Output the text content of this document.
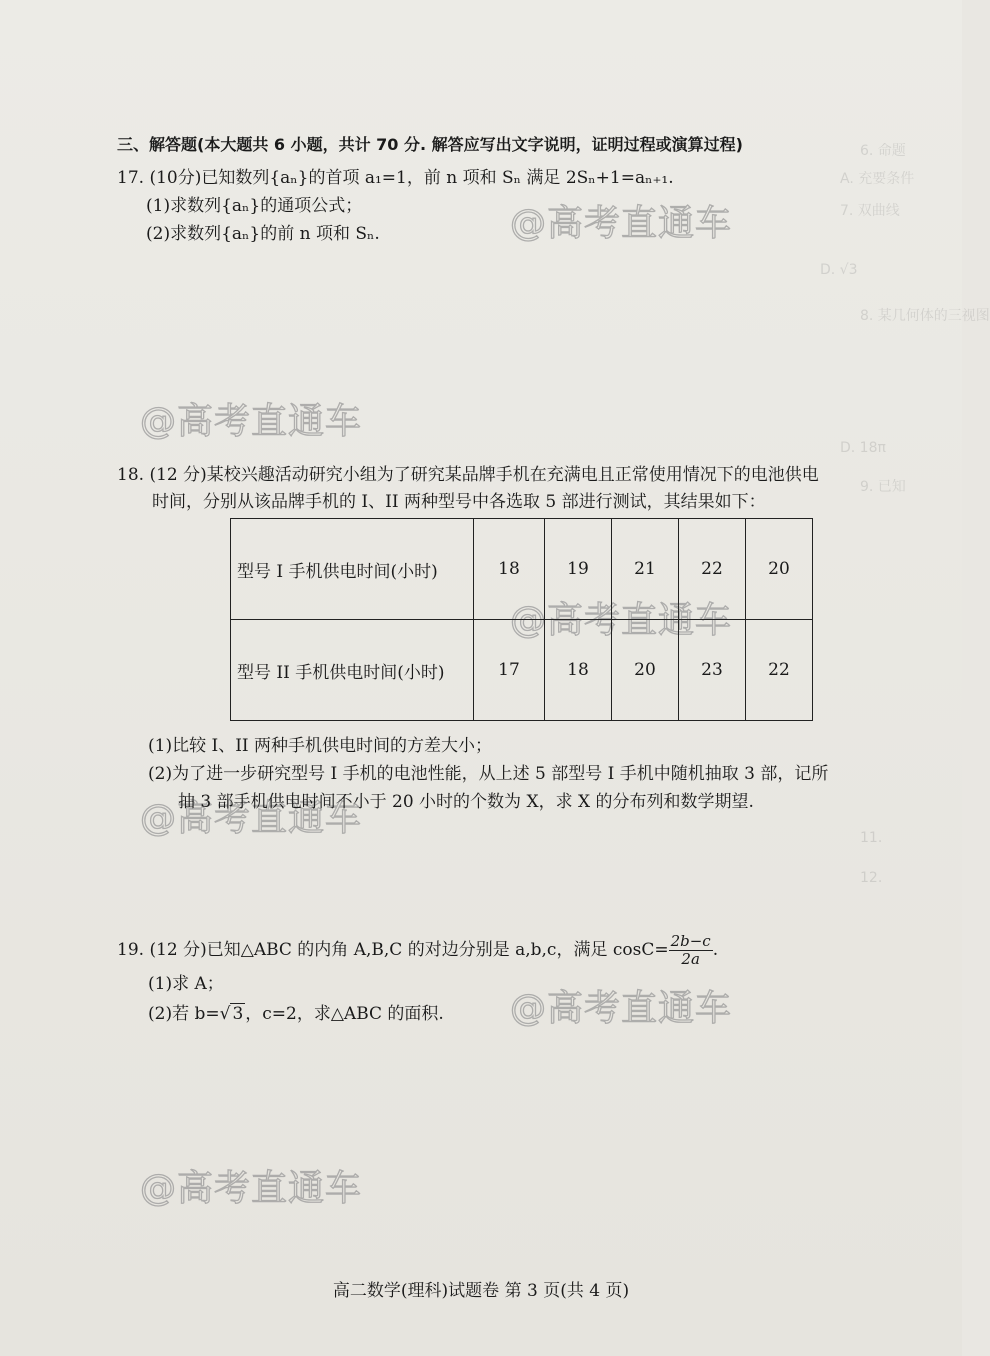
6. 命题
A. 充要条件
7. 双曲线
D. √3
8. 某几何体的三视图
D. 18π
9. 已知
11.
12.
@高考直通车
@高考直通车
@高考直通车
@高考直通车
@高考直通车
@高考直通车
三、解答题(本大题共 6 小题，共计 70 分. 解答应写出文字说明，证明过程或演算过程)
17. (10分)已知数列{aₙ}的首项 a₁=1，前 n 项和 Sₙ 满足 2Sₙ+1=aₙ₊₁.
(1)求数列{aₙ}的通项公式；
(2)求数列{aₙ}的前 n 项和 Sₙ.
18. (12 分)某校兴趣活动研究小组为了研究某品牌手机在充满电且正常使用情况下的电池供电
时间，分别从该品牌手机的 I、II 两种型号中各选取 5 部进行测试，其结果如下：
型号 I 手机供电时间(小时)	18	19	21	22	20
型号 II 手机供电时间(小时)	17	18	20	23	22
(1)比较 I、II 两种手机供电时间的方差大小；
(2)为了进一步研究型号 I 手机的电池性能，从上述 5 部型号 I 手机中随机抽取 3 部，记所
抽 3 部手机供电时间不小于 20 小时的个数为 X，求 X 的分布列和数学期望.
19. (12 分)已知△ABC 的内角 A,B,C 的对边分别是 a,b,c，满足 $\cos C= \frac{2b-c}{2a}$ .
(1)求 A；
(2)若 b=√ 3 ，c=2，求△ABC 的面积.
高二数学(理科)试题卷 第 3 页(共 4 页)
